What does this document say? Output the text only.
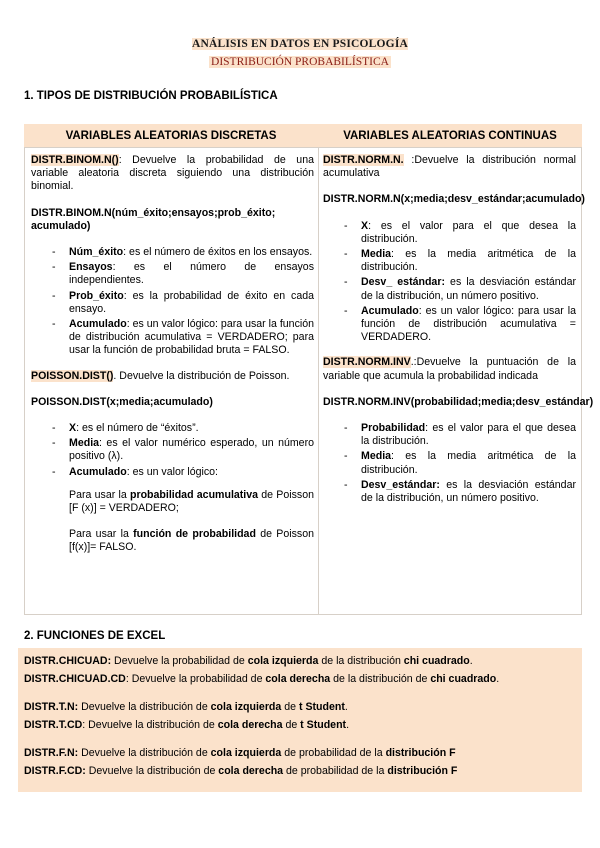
ANÁLISIS EN DATOS EN PSICOLOGÍA
DISTRIBUCIÓN PROBABILÍSTICA
1. TIPOS DE DISTRIBUCIÓN PROBABILÍSTICA
VARIABLES ALEATORIAS DISCRETAS	VARIABLES ALEATORIAS CONTINUAS

DISTR.BINOM.N(): Devuelve la probabilidad de una variable aleatoria discreta siguiendo una distribución binomial.

DISTR.BINOM.N(núm_éxito;ensayos;prob_éxito; acumulado)

- Núm_éxito: es el número de éxitos en los ensayos.
- Ensayos: es el número de ensayos independientes.
- Prob_éxito: es la probabilidad de éxito en cada ensayo.
- Acumulado: es un valor lógico: para usar la función de distribución acumulativa = VERDADERO; para usar la función de probabilidad bruta = FALSO.

POISSON.DIST(). Devuelve la distribución de Poisson.

POISSON.DIST(x;media;acumulado)

- X: es el número de “éxitos”.
- Media: es el valor numérico esperado, un número positivo (λ).
- Acumulado: es un valor lógico:

Para usar la probabilidad acumulativa de Poisson [F (x)] = VERDADERO;

Para usar la función de probabilidad de Poisson [f(x)]= FALSO.

DISTR.NORM.N. :Devuelve la distribución normal acumulativa

DISTR.NORM.N(x;media;desv_estándar;acumulado)

- X: es el valor para el que desea la distribución.
- Media: es la media aritmética de la distribución.
- Desv_ estándar: es la desviación estándar de la distribución, un número positivo.
- Acumulado: es un valor lógico: para usar la función de distribución acumulativa = VERDADERO.

DISTR.NORM.INV.:Devuelve la puntuación de la variable que acumula la probabilidad indicada

DISTR.NORM.INV(probabilidad;media;desv_estándar)

- Probabilidad: es el valor para el que desea la distribución.
- Media: es la media aritmética de la distribución.
- Desv_estándar: es la desviación estándar de la distribución, un número positivo.
2. FUNCIONES DE EXCEL
DISTR.CHICUAD: Devuelve la probabilidad de cola izquierda de la distribución chi cuadrado.
DISTR.CHICUAD.CD: Devuelve la probabilidad de cola derecha de la distribución de chi cuadrado.
DISTR.T.N: Devuelve la distribución de cola izquierda de t Student.
DISTR.T.CD: Devuelve la distribución de cola derecha de t Student.
DISTR.F.N: Devuelve la distribución de cola izquierda de probabilidad de la distribución F
DISTR.F.CD: Devuelve la distribución de cola derecha de probabilidad de la distribución F
